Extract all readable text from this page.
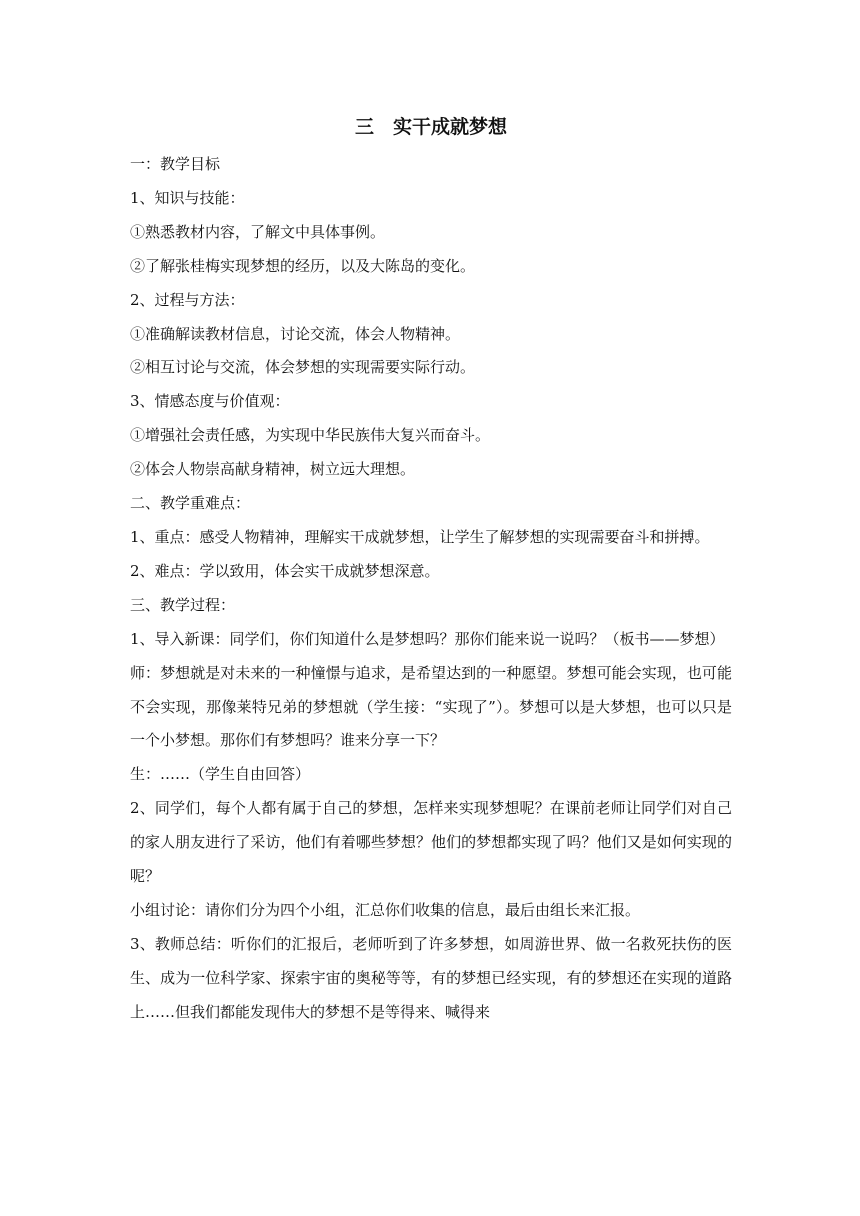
三　实干成就梦想

一：教学目标

1、知识与技能：

①熟悉教材内容，了解文中具体事例。

②了解张桂梅实现梦想的经历，以及大陈岛的变化。

2、过程与方法：

①准确解读教材信息，讨论交流，体会人物精神。

②相互讨论与交流，体会梦想的实现需要实际行动。

3、情感态度与价值观：

①增强社会责任感，为实现中华民族伟大复兴而奋斗。

②体会人物崇高献身精神，树立远大理想。

二、教学重难点：

1、重点：感受人物精神，理解实干成就梦想，让学生了解梦想的实现需要奋斗和拼搏。

2、难点：学以致用，体会实干成就梦想深意。

三、教学过程：

1、导入新课：同学们，你们知道什么是梦想吗？那你们能来说一说吗？（板书——梦想）

师：梦想就是对未来的一种憧憬与追求，是希望达到的一种愿望。梦想可能会实现，也可能不会实现，那像莱特兄弟的梦想就（学生接：“实现了”）。梦想可以是大梦想，也可以只是一个小梦想。那你们有梦想吗？谁来分享一下？

生：……（学生自由回答）

2、同学们，每个人都有属于自己的梦想，怎样来实现梦想呢？在课前老师让同学们对自己的家人朋友进行了采访，他们有着哪些梦想？他们的梦想都实现了吗？他们又是如何实现的呢？

小组讨论：请你们分为四个小组，汇总你们收集的信息，最后由组长来汇报。

3、教师总结：听你们的汇报后，老师听到了许多梦想，如周游世界、做一名救死扶伤的医生、成为一位科学家、探索宇宙的奥秘等等，有的梦想已经实现，有的梦想还在实现的道路上……但我们都能发现伟大的梦想不是等得来、喊得来
